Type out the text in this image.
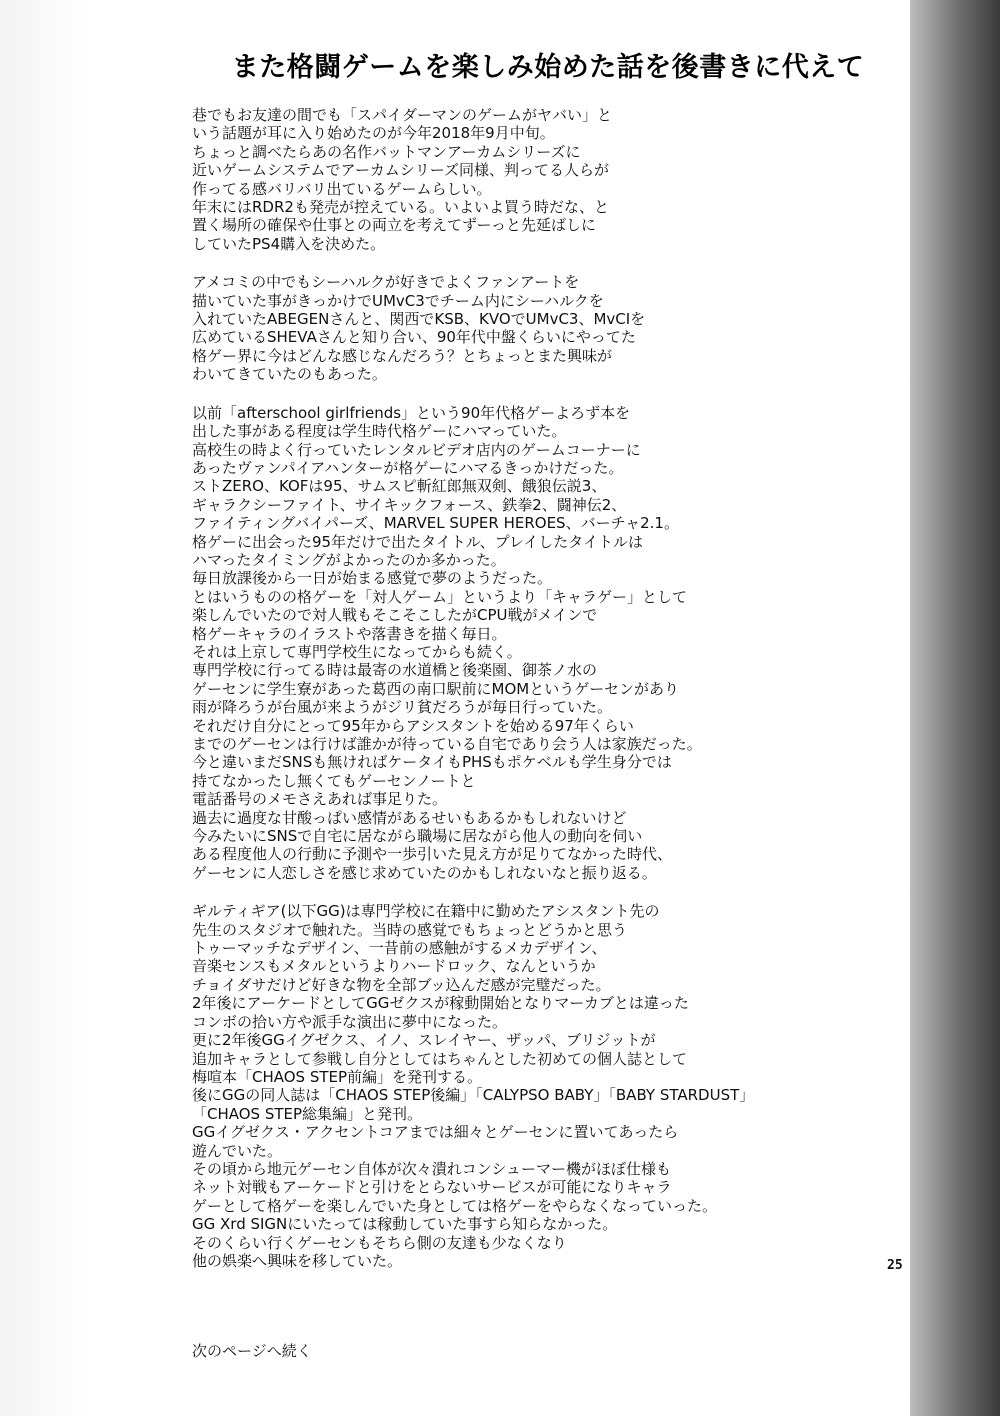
また格闘ゲームを楽しみ始めた話を後書きに代えて
巷でもお友達の間でも「スパイダーマンのゲームがヤバい」と
いう話題が耳に入り始めたのが今年2018年9月中旬。
ちょっと調べたらあの名作バットマンアーカムシリーズに
近いゲームシステムでアーカムシリーズ同様、判ってる人らが
作ってる感バリバリ出ているゲームらしい。
年末にはRDR2も発売が控えている。いよいよ買う時だな、と
置く場所の確保や仕事との両立を考えてずーっと先延ばしに
していたPS4購入を決めた。
アメコミの中でもシーハルクが好きでよくファンアートを
描いていた事がきっかけでUMvC3でチーム内にシーハルクを
入れていたABEGENさんと、関西でKSB、KVOでUMvC3、MvCIを
広めているSHEVAさんと知り合い、90年代中盤くらいにやってた
格ゲー界に今はどんな感じなんだろう？とちょっとまた興味が
わいてきていたのもあった。
以前「afterschool girlfriends」という90年代格ゲーよろず本を
出した事がある程度は学生時代格ゲーにハマっていた。
高校生の時よく行っていたレンタルビデオ店内のゲームコーナーに
あったヴァンパイアハンターが格ゲーにハマるきっかけだった。
ストZERO、KOFは95、サムスピ斬紅郎無双剣、餓狼伝説3、
ギャラクシーファイト、サイキックフォース、鉄拳2、闘神伝2、
ファイティングバイパーズ、MARVEL SUPER HEROES、バーチャ2.1。
格ゲーに出会った95年だけで出たタイトル、プレイしたタイトルは
ハマったタイミングがよかったのか多かった。
毎日放課後から一日が始まる感覚で夢のようだった。
とはいうものの格ゲーを「対人ゲーム」というより「キャラゲー」として
楽しんでいたので対人戦もそこそこしたがCPU戦がメインで
格ゲーキャラのイラストや落書きを描く毎日。
それは上京して専門学校生になってからも続く。
専門学校に行ってる時は最寄の水道橋と後楽園、御茶ノ水の
ゲーセンに学生寮があった葛西の南口駅前にMOMというゲーセンがあり
雨が降ろうが台風が来ようがジリ貧だろうが毎日行っていた。
それだけ自分にとって95年からアシスタントを始める97年くらい
までのゲーセンは行けば誰かが待っている自宅であり会う人は家族だった。
今と違いまだSNSも無ければケータイもPHSもポケベルも学生身分では
持てなかったし無くてもゲーセンノートと
電話番号のメモさえあれば事足りた。
過去に過度な甘酸っぱい感情があるせいもあるかもしれないけど
今みたいにSNSで自宅に居ながら職場に居ながら他人の動向を伺い
ある程度他人の行動に予測や一歩引いた見え方が足りてなかった時代、
ゲーセンに人恋しさを感じ求めていたのかもしれないなと振り返る。
ギルティギア(以下GG)は専門学校に在籍中に勤めたアシスタント先の
先生のスタジオで触れた。当時の感覚でもちょっとどうかと思う
トゥーマッチなデザイン、一昔前の感触がするメカデザイン、
音楽センスもメタルというよりハードロック、なんというか
チョイダサだけど好きな物を全部ブッ込んだ感が完璧だった。
2年後にアーケードとしてGGゼクスが稼動開始となりマーカブとは違った
コンボの拾い方や派手な演出に夢中になった。
更に2年後GGイグゼクス、イノ、スレイヤー、ザッパ、ブリジットが
追加キャラとして参戦し自分としてはちゃんとした初めての個人誌として
梅喧本「CHAOS STEP前編」を発刊する。
後にGGの同人誌は「CHAOS STEP後編」「CALYPSO BABY」「BABY STARDUST」
「CHAOS STEP総集編」と発刊。
GGイグゼクス・アクセントコアまでは細々とゲーセンに置いてあったら
遊んでいた。
その頃から地元ゲーセン自体が次々潰れコンシューマー機がほぼ仕様も
ネット対戦もアーケードと引けをとらないサービスが可能になりキャラ
ゲーとして格ゲーを楽しんでいた身としては格ゲーをやらなくなっていった。
GG Xrd SIGNにいたっては稼動していた事すら知らなかった。
そのくらい行くゲーセンもそちら側の友達も少なくなり
他の娯楽へ興味を移していた。
次のページへ続く
25
